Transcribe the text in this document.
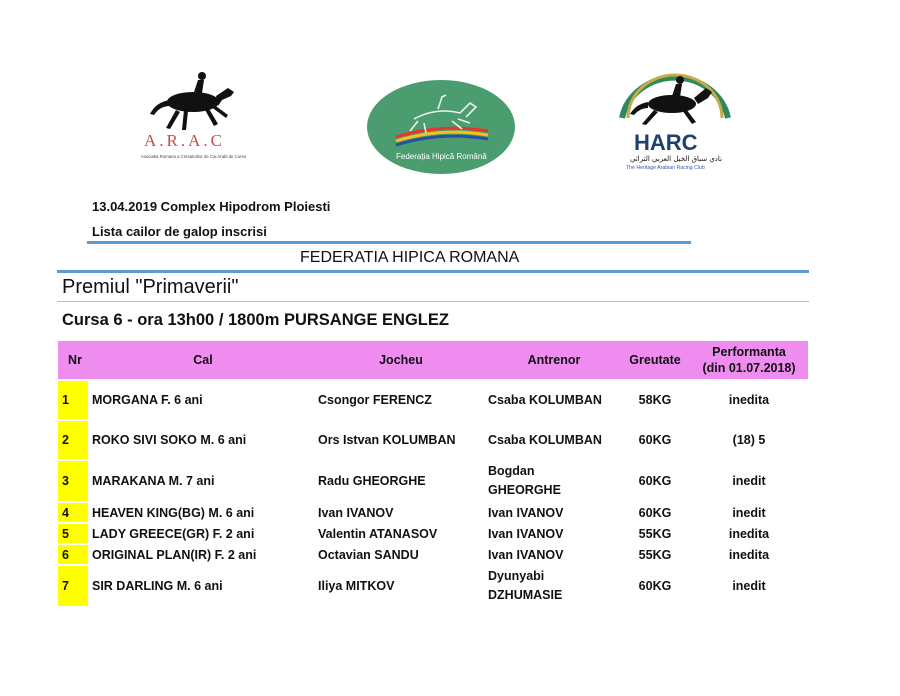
A.R.A.C
Asociatia Romana a Cresatorilor de Cai Arabi de Curse	Federația Hipică Română
HARC
نادي سباق الخيل العربي التراثي
The Heritage Arabian Racing Club
13.04.2019 Complex Hipodrom Ploiesti
Lista cailor de galop inscrisi
FEDERATIA HIPICA ROMANA
Premiul "Primaverii"
Cursa 6 - ora 13h00 / 1800m PURSANGE ENGLEZ
Nr	Cal	Jocheu	Antrenor	Greutate	Performanta
(din 01.07.2018)
1	MORGANA F. 6 ani	Csongor FERENCZ	Csaba KOLUMBAN	58KG	inedita
2	ROKO SIVI SOKO M. 6 ani	Ors Istvan KOLUMBAN	Csaba KOLUMBAN	60KG	(18) 5
3	MARAKANA M. 7 ani	Radu GHEORGHE	Bogdan
GHEORGHE	60KG	inedit
4	HEAVEN KING(BG) M. 6 ani	Ivan IVANOV	Ivan IVANOV	60KG	inedit
5	LADY GREECE(GR) F. 2 ani	Valentin ATANASOV	Ivan IVANOV	55KG	inedita
6	ORIGINAL PLAN(IR) F. 2 ani	Octavian SANDU	Ivan IVANOV	55KG	inedita
7	SIR DARLING M. 6 ani	Iliya MITKOV	Dyunyabi
DZHUMASIE	60KG	inedit
